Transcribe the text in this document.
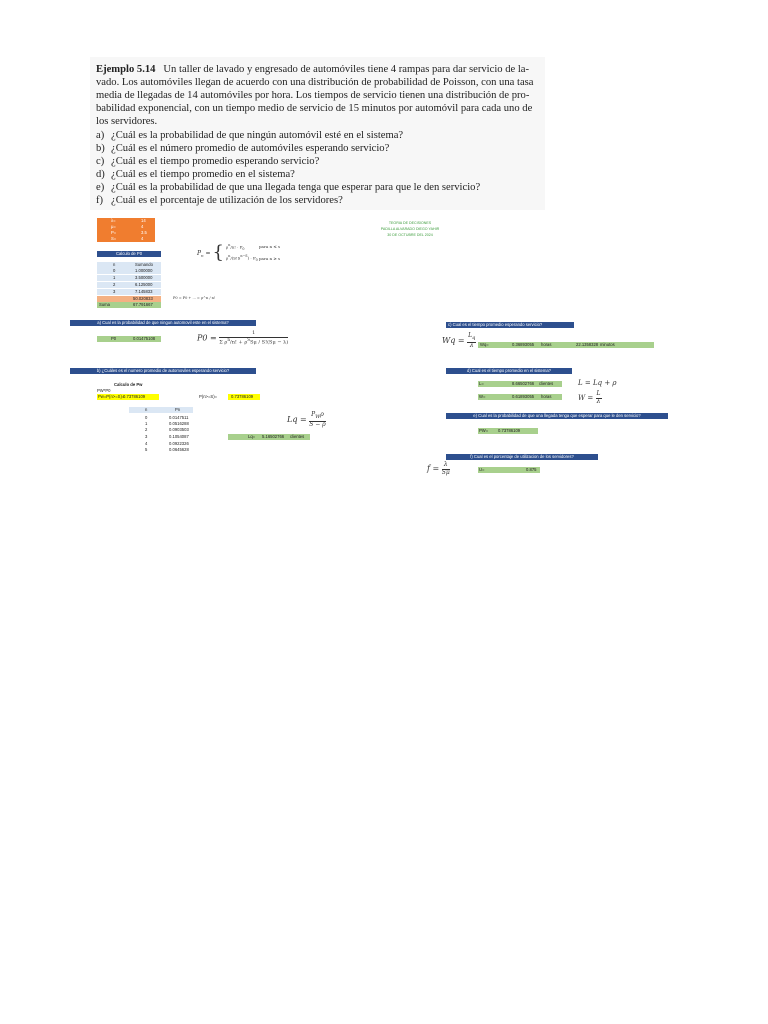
Ejemplo 5.14 Un taller de lavado y engresado de automóviles tiene 4 rampas para dar servicio de la-

vado. Los automóviles llegan de acuerdo con una distribución de probabilidad de Poisson, con una tasa

media de llegadas de 14 automóviles por hora. Los tiempos de servicio tienen una distribución de pro-

babilidad exponencial, con un tiempo medio de servicio de 15 minutos por automóvil para cada uno de

los servidores.

a) ¿Cuál es la probabilidad de que ningún automóvil esté en el sistema?
b) ¿Cuál es el número promedio de automóviles esperando servicio?
c) ¿Cuál es el tiempo promedio esperando servicio?
d) ¿Cuál es el tiempo promedio en el sistema?
e) ¿Cuál es la probabilidad de que una llegada tenga que esperar para que le den servicio?
f) ¿Cuál es el porcentaje de utilización de los servidores?
λ=	14
μ=	4
P=	3.5
S=	4
TEORIA DE DECISIONES
PADILLA ALVARADO DIEGO YAHIR
30 DE OCTUBRE DEL 2024
Calculo de P0
n	Sumando
0	1.000000
1	3.500000
2	6.125000
3	7.145833
50.020833
Suma	67.791667
$P_n$ = { $\rho^n/n$! · $P_0$
$\rho^n/(S!S^{n-S}) \cdot P_0$
para n ≤ s
para n ≥ s
P0 = P0 + ... = ρ^n / n!
a) Cual es la probabilidad de que ningun automovil este en el sistema?
P0	0.01475108	$P0 = \frac{1}{\Sigma \rho^n/n! + \rho^SS\mu / S!(S\mu - \lambda)}$
b) ¿Cuáles es el numero promedio de automoviles esperando servicio?
Calculo de Pw
PW*P0
Pw=P(n>=S)=
0.73786109	P(n>=S)=	0.73786109
n	Pn
0	0.0147511
1	0.0516288
2	0.0903503
3	0.1054087
4	0.0922326
5	0.0645628
$Lq = \frac{P_W\rho}{S - \rho}$
Lq= 5.16502766 clientes
c) Cual es el tiempo promedio esperando servicio?
$Wq = \frac{L_q}{\lambda} Wq=$	0.36893055 horas	22.1358328 minutos
d) Cual es el tiempo promedio en el sistema?
L=	8.66502766 clientes
W=	0.61893055 horas
L = Lq + ρ
$W = \frac{L}{\lambda}$
e) Cual es la probabilidad de que una llegada tenga que esperar para que le den servicio?
PW= 0.73786109
f) Cual es el porcentaje de utilizacion de los servidores?
$f = \frac{\lambda}{S\mu}$	U=	0.875
